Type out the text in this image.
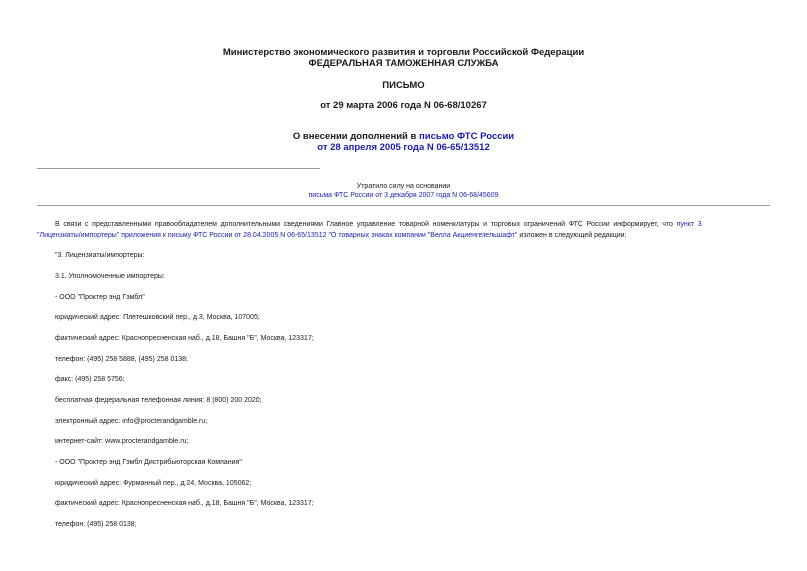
Министерство экономического развития и торговли Российской Федерации
ФЕДЕРАЛЬНАЯ ТАМОЖЕННАЯ СЛУЖБА
ПИСЬМО
от 29 марта 2006 года N 06-68/10267
О внесении дополнений в письмо ФТС России
от 28 апреля 2005 года N 06-65/13512
Утратило силу на основании
письма ФТС России от 3 декабря 2007 года N 06-68/45609
В связи с представленными правообладателем дополнительными сведениями Главное управление товарной номенклатуры и торговых ограничений ФТС России информирует, что пункт 3
"Лицензиаты/импортеры" приложения к письму ФТС России от 28.04.2005 N 06-65/13512 "О товарных знаках компании "Велла Акциенгезельшафт" изложен в следующей редакции:
"3. Лицензиаты/импортеры:
3.1. Уполномоченные импортеры:
- ООО "Проктер энд Гэмбл"
юридический адрес: Плетешковский пер., д.3, Москва, 107005;
фактический адрес: Краснопресненская наб., д.18, Башня "Б", Москва, 123317;
телефон: (495) 258 5888, (495) 258 0138;
факс: (495) 258 5756;
бесплатная федеральная телефонная линия: 8 (800) 200 2020;
электронный адрес: info@procterandgamble.ru;
интернет-сайт: www.procterandgamble.ru;
- ООО "Проктер энд Гэмбл Дистрибьюторская Компания"
юридический адрес: Фурманный пер., д.24, Москва, 105062;
фактический адрес: Краснопресненская наб., д.18, Башня "Б", Москва, 123317;
телефон: (495) 258 0138;
